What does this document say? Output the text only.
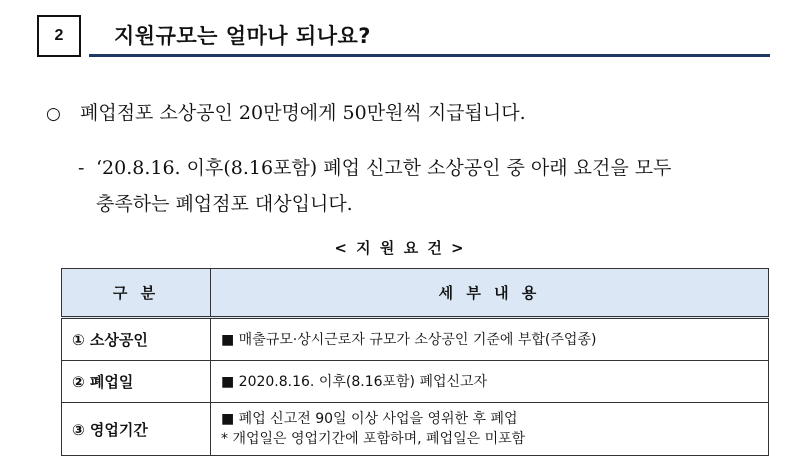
2 지원규모는 얼마나 되나요?
○ 폐업점포 소상공인 20만명에게 50만원씩 지급됩니다.
- ‘20.8.16. 이후(8.16포함) 폐업 신고한 소상공인 중 아래 요건을 모두
충족하는 폐업점포 대상입니다.
< 지 원 요 건 >
구 분	세 부 내 용
① 소상공인	■ 매출규모·상시근로자 규모가 소상공인 기준에 부합(주업종)

② 폐업일	■ 2020.8.16. 이후(8.16포함) 폐업신고자

③ 영업기간	■ 폐업 신고전 90일 이상 사업을 영위한 후 폐업
* 개업일은 영업기간에 포함하며, 폐업일은 미포함
